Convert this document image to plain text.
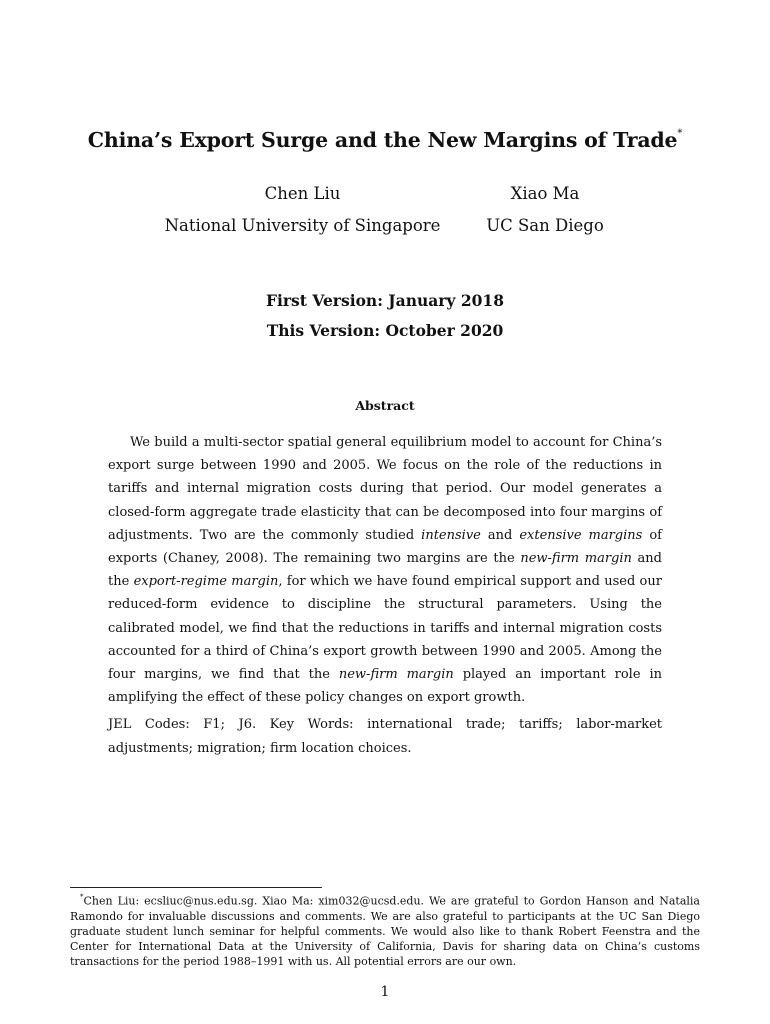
China’s Export Surge and the New Margins of Trade*
Chen Liu
National University of Singapore
Xiao Ma
UC San Diego
First Version: January 2018
This Version: October 2020
Abstract

We build a multi-sector spatial general equilibrium model to account for China’s export surge between 1990 and 2005. We focus on the role of the reductions in tariffs and internal migration costs during that period. Our model generates a closed-form aggregate trade elasticity that can be decomposed into four margins of adjustments. Two are the commonly studied intensive and extensive margins of exports (Chaney, 2008). The remaining two margins are the new-firm margin and the export-regime margin, for which we have found empirical support and used our reduced-form evidence to discipline the structural parameters. Using the calibrated model, we find that the reductions in tariffs and internal migration costs accounted for a third of China’s export growth between 1990 and 2005. Among the four margins, we find that the new-firm margin played an important role in amplifying the effect of these policy changes on export growth.

JEL Codes: F1; J6. Key Words: international trade; tariffs; labor-market adjustments; migration; firm location choices.

*Chen Liu: ecsliuc@nus.edu.sg. Xiao Ma: xim032@ucsd.edu. We are grateful to Gordon Hanson and Natalia Ramondo for invaluable discussions and comments. We are also grateful to participants at the UC San Diego graduate student lunch seminar for helpful comments. We would also like to thank Robert Feenstra and the Center for International Data at the University of California, Davis for sharing data on China’s customs transactions for the period 1988–1991 with us. All potential errors are our own.

1
